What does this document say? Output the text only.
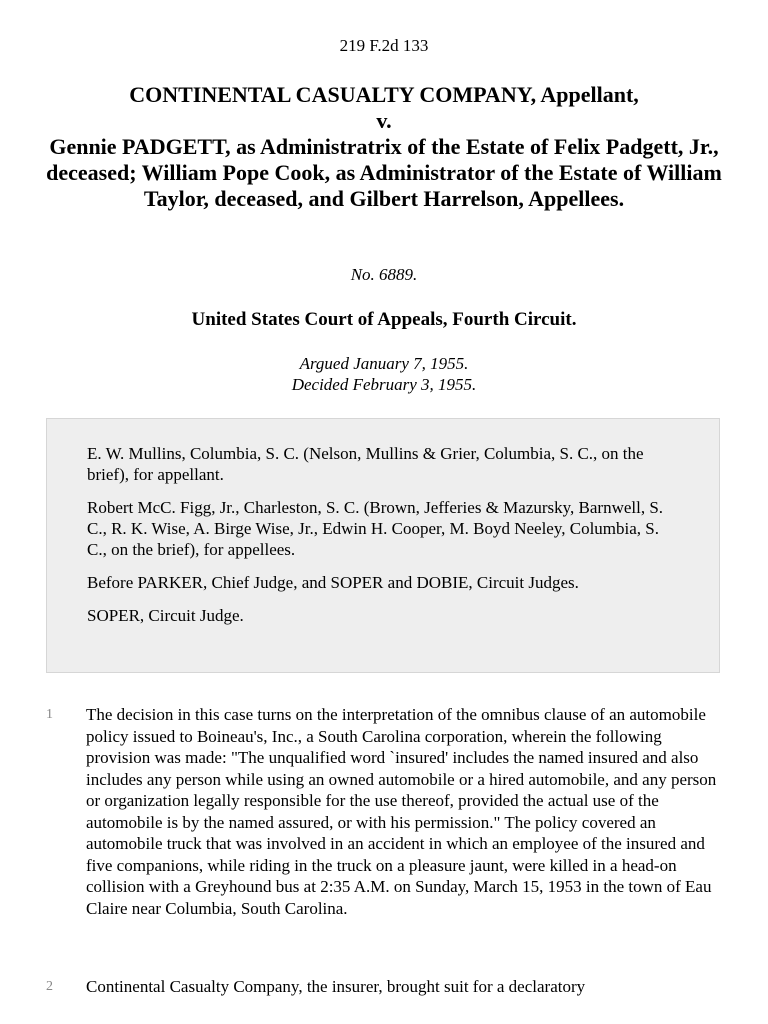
219 F.2d 133
CONTINENTAL CASUALTY COMPANY, Appellant,
v.
Gennie PADGETT, as Administratrix of the Estate of Felix Padgett, Jr., deceased; William Pope Cook, as Administrator of the Estate of William Taylor, deceased, and Gilbert Harrelson, Appellees.
No. 6889.
United States Court of Appeals, Fourth Circuit.
Argued January 7, 1955.
Decided February 3, 1955.

E. W. Mullins, Columbia, S. C. (Nelson, Mullins & Grier, Columbia, S. C., on the brief), for appellant.

Robert McC. Figg, Jr., Charleston, S. C. (Brown, Jefferies & Mazursky, Barnwell, S. C., R. K. Wise, A. Birge Wise, Jr., Edwin H. Cooper, M. Boyd Neeley, Columbia, S. C., on the brief), for appellees.

Before PARKER, Chief Judge, and SOPER and DOBIE, Circuit Judges.

SOPER, Circuit Judge.

1	The decision in this case turns on the interpretation of the omnibus clause of an automobile policy issued to Boineau's, Inc., a South Carolina corporation, wherein the following provision was made: "The unqualified word `insured' includes the named insured and also includes any person while using an owned automobile or a hired automobile, and any person or organization legally responsible for the use thereof, provided the actual use of the automobile is by the named assured, or with his permission." The policy covered an automobile truck that was involved in an accident in which an employee of the insured and five companions, while riding in the truck on a pleasure jaunt, were killed in a head-on collision with a Greyhound bus at 2:35 A.M. on Sunday, March 15, 1953 in the town of Eau Claire near Columbia, South Carolina.
2	Continental Casualty Company, the insurer, brought suit for a declaratory
